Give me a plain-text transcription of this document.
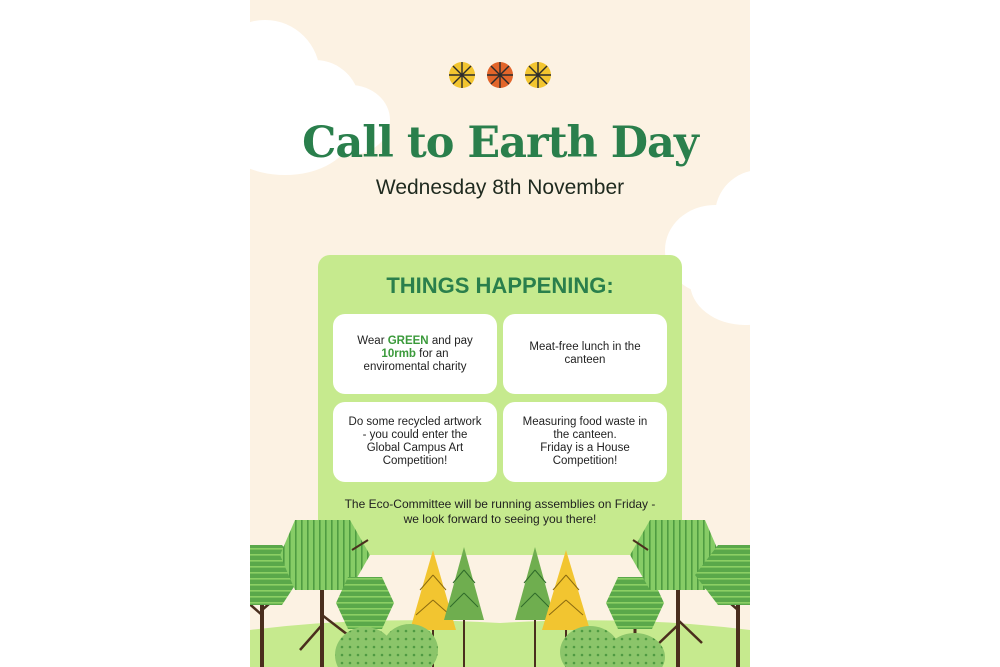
Call to Earth Day

Wednesday 8th November

THINGS HAPPENING:
Wear GREEN and pay
10rmb for an enviromental charity
Meat-free lunch in the canteen
Do some recycled artwork - you could enter the Global Campus Art Competition!
Measuring food waste in the canteen.
Friday is a House Competition!

The Eco-Committee will be running assemblies on Friday - we look forward to seeing you there!
